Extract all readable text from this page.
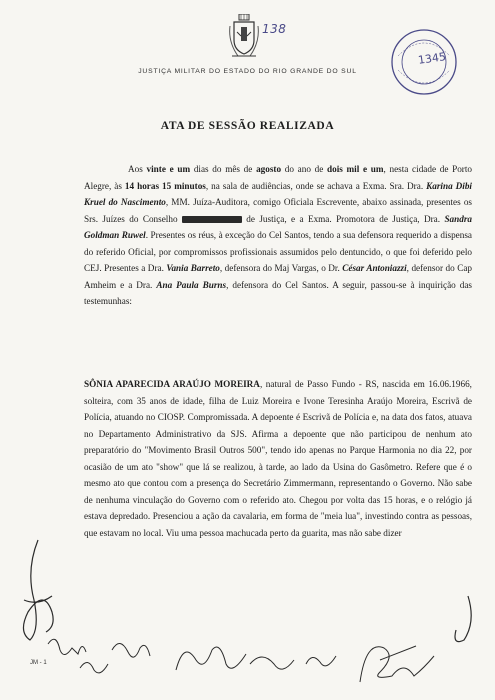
138
1345
JUSTIÇA MILITAR DO ESTADO DO RIO GRANDE DO SUL
ATA DE SESSÃO REALIZADA
Aos vinte e um dias do mês de agosto do ano de dois mil e um, nesta cidade de Porto Alegre, às 14 horas 15 minutos, na sala de audiências, onde se achava a Exma. Sra. Dra. Karina Dibi Kruel do Nascimento, MM. Juíza-Auditora, comigo Oficiala Escrevente, abaixo assinada, presentes os Srs. Juízes do Conselho	de Justiça, e a Exma. Promotora de Justiça, Dra. Sandra Goldman Ruwel. Presentes os réus, à exceção do Cel Santos, tendo a sua defensora requerido a dispensa do referido Oficial, por compromissos profissionais assumidos pelo dentuncido, o que foi deferido pelo CEJ. Presentes a Dra. Vania Barreto, defensora do Maj Vargas, o Dr. César Antoniazzi, defensor do Cap Amheim e a Dra. Ana Paula Burns, defensora do Cel Santos. A seguir, passou-se à inquirição das testemunhas:
SÔNIA APARECIDA ARAÚJO MOREIRA, natural de Passo Fundo - RS, nascida em 16.06.1966, solteira, com 35 anos de idade, filha de Luiz Moreira e Ivone Teresinha Araújo Moreira, Escrivã de Polícia, atuando no CIOSP. Compromissada. A depoente é Escrivã de Polícia e, na data dos fatos, atuava no Departamento Administrativo da SJS. Afirma a depoente que não participou de nenhum ato preparatório do "Movimento Brasil Outros 500", tendo ido apenas no Parque Harmonia no dia 22, por ocasião de um ato "show" que lá se realizou, à tarde, ao lado da Usina do Gasômetro. Refere que é o mesmo ato que contou com a presença do Secretário Zimmermann, representando o Governo. Não sabe de nenhuma vinculação do Governo com o referido ato. Chegou por volta das 15 horas, e o relógio já estava depredado. Presenciou a ação da cavalaria, em forma de "meia lua", investindo contra as pessoas, que estavam no local. Viu uma pessoa machucada perto da guarita, mas não sabe dizer
JM - 1
